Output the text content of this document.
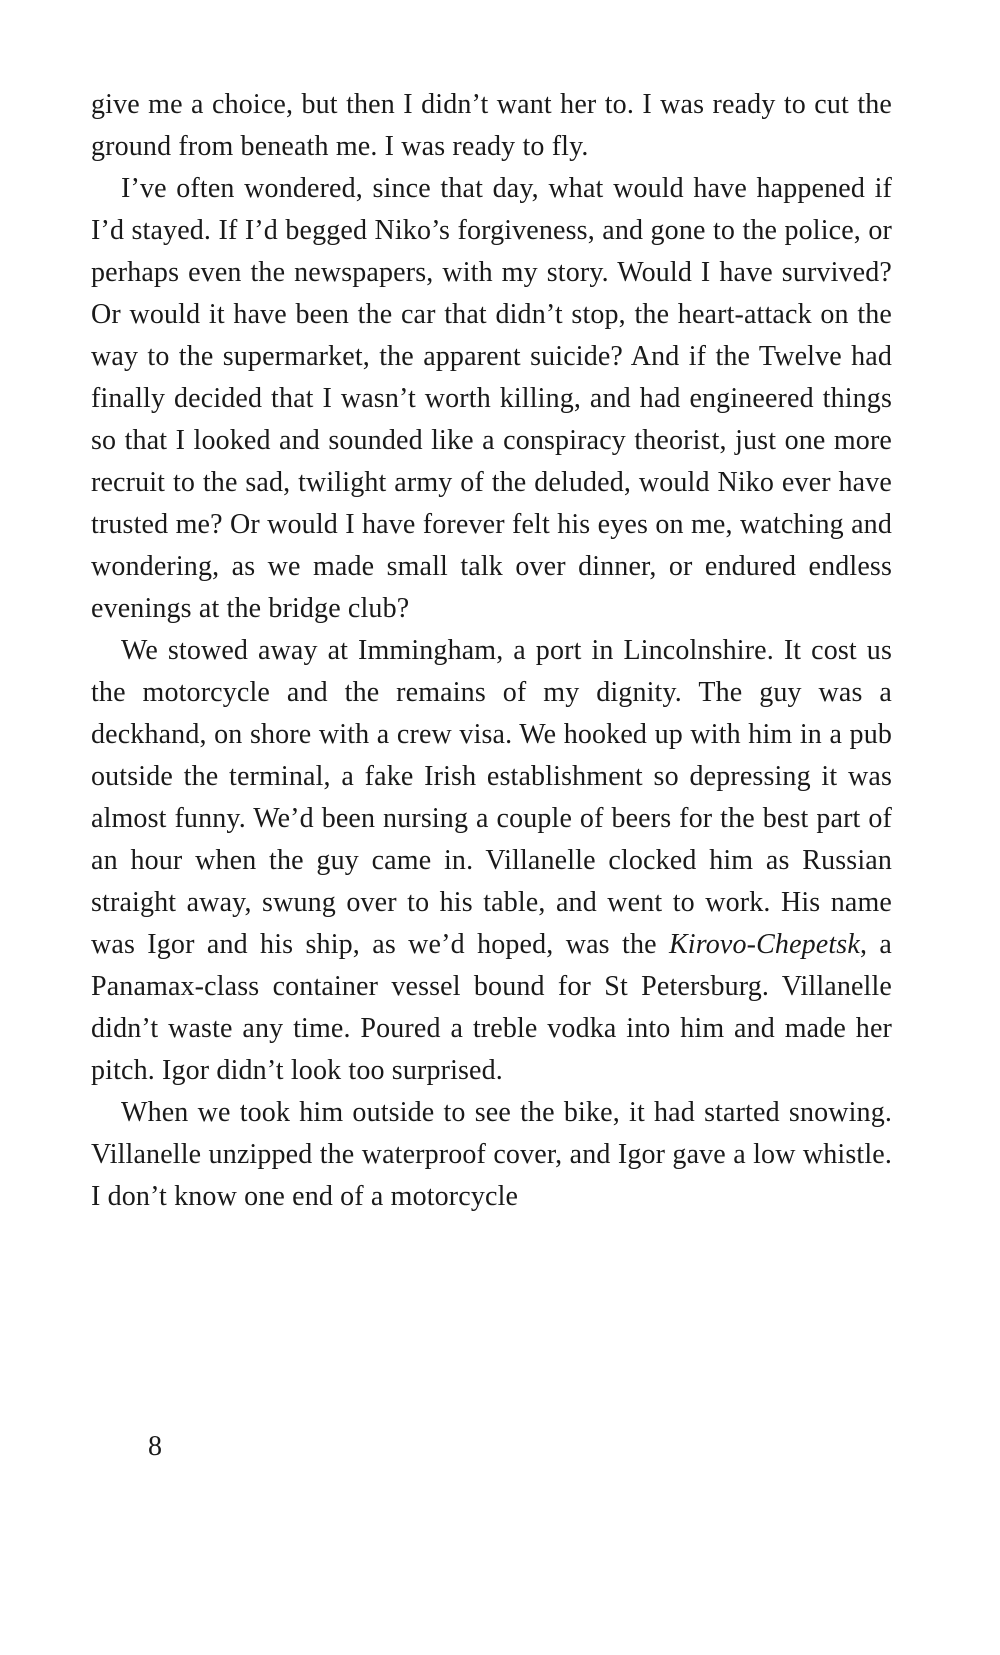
give me a choice, but then I didn’t want her to. I was ready to cut the ground from beneath me. I was ready to fly.

I’ve often wondered, since that day, what would have happened if I’d stayed. If I’d begged Niko’s forgiveness, and gone to the police, or perhaps even the newspapers, with my story. Would I have survived? Or would it have been the car that didn’t stop, the heart-attack on the way to the supermarket, the apparent suicide? And if the Twelve had finally decided that I wasn’t worth killing, and had engineered things so that I looked and sounded like a conspiracy theorist, just one more recruit to the sad, twilight army of the deluded, would Niko ever have trusted me? Or would I have forever felt his eyes on me, watching and wondering, as we made small talk over dinner, or endured endless evenings at the bridge club?

We stowed away at Immingham, a port in Lincolnshire. It cost us the motorcycle and the remains of my dignity. The guy was a deckhand, on shore with a crew visa. We hooked up with him in a pub outside the terminal, a fake Irish establishment so depressing it was almost funny. We’d been nursing a couple of beers for the best part of an hour when the guy came in. Villanelle clocked him as Russian straight away, swung over to his table, and went to work. His name was Igor and his ship, as we’d hoped, was the Kirovo-Chepetsk, a Panamax-class container vessel bound for St Petersburg. Villanelle didn’t waste any time. Poured a treble vodka into him and made her pitch. Igor didn’t look too surprised.

When we took him outside to see the bike, it had started snowing. Villanelle unzipped the waterproof cover, and Igor gave a low whistle. I don’t know one end of a motorcycle

8
